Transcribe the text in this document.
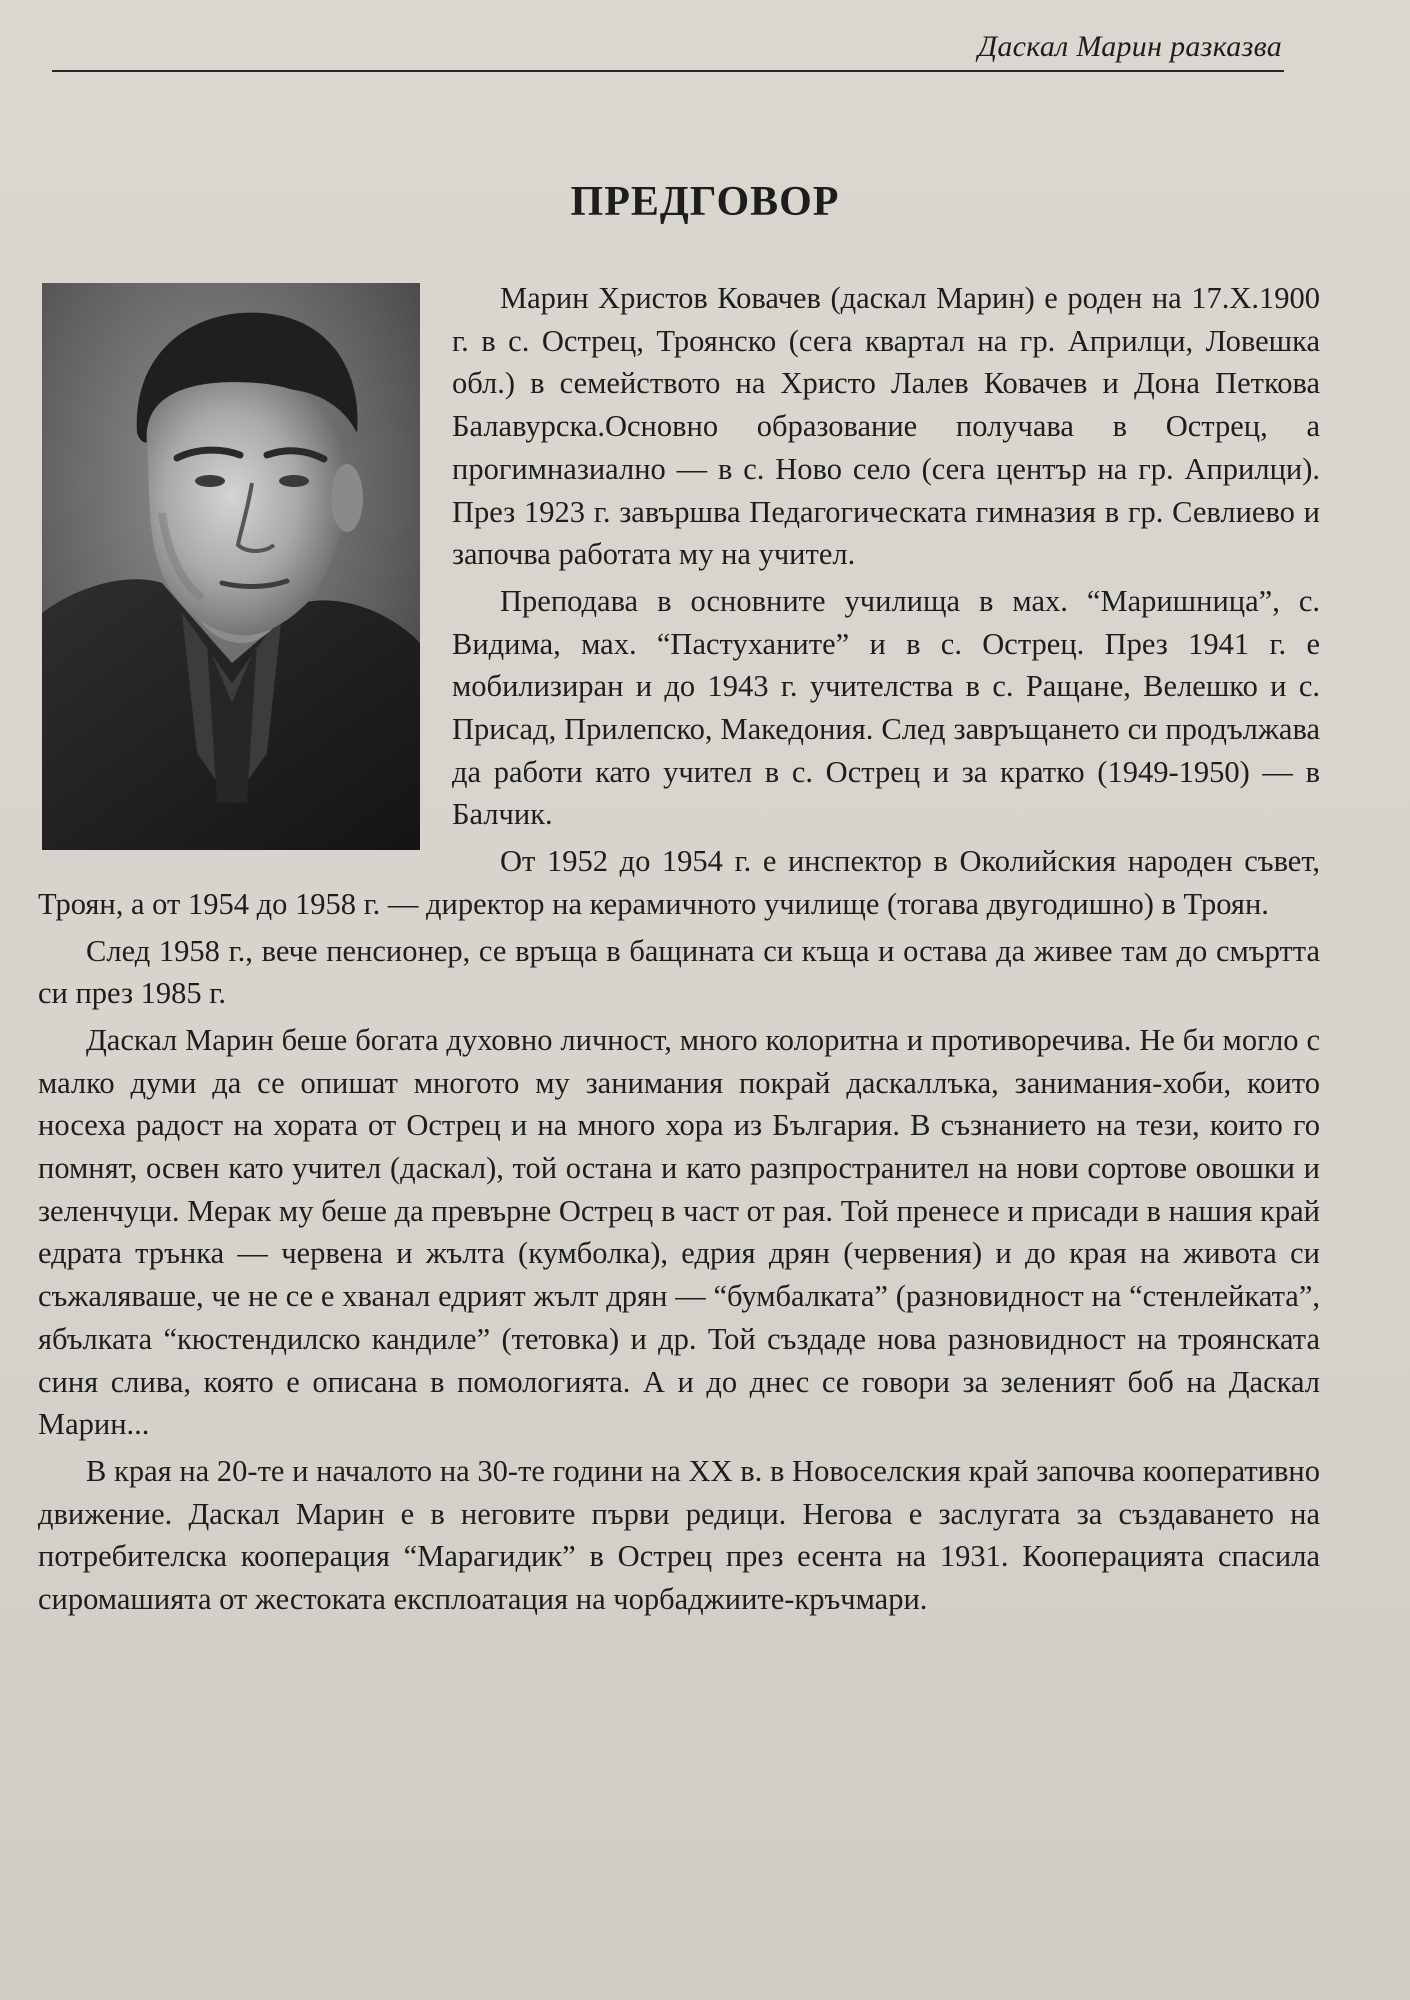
Даскал Марин разказва
ПРЕДГОВОР

Марин Христов Ковачев (даскал Марин) е роден на 17.X.1900 г. в с. Острец, Троянско (сега квартал на гр. Априлци, Ловешка обл.) в семейството на Христо Лалев Ковачев и Дона Петкова Балавурска.Основно образование получава в Острец, а прогимназиално — в с. Ново село (сега център на гр. Априлци). През 1923 г. завършва Педагогическата гимназия в гр. Севлиево и започва работата му на учител.

Преподава в основните училища в мах. “Маришница”, с. Видима, мах. “Пастуханите” и в с. Острец. През 1941 г. е мобилизиран и до 1943 г. учителства в с. Ращане, Велешко и с. Присад, Прилепско, Македония. След завръщането си продължава да работи като учител в с. Острец и за кратко (1949-1950) — в Балчик.

От 1952 до 1954 г. е инспектор в Околийския народен съвет, Троян, а от 1954 до 1958 г. — директор на керамичното училище (тогава двугодишно) в Троян.

След 1958 г., вече пенсионер, се връща в бащината си къща и остава да живее там до смъртта си през 1985 г.

Даскал Марин беше богата духовно личност, много колоритна и противоречива. Не би могло с малко думи да се опишат многото му занимания покрай даскаллъка, занимания-хоби, които носеха радост на хората от Острец и на много хора из България. В съзнанието на тези, които го помнят, освен като учител (даскал), той остана и като разпространител на нови сортове овошки и зеленчуци. Мерак му беше да превърне Острец в част от рая. Той пренесе и присади в нашия край едрата трънка — червена и жълта (кумболка), едрия дрян (червения) и до края на живота си съжаляваше, че не се е хванал едрият жълт дрян — “бумбалката” (разновидност на “стенлейката”, ябълката “кюстендилско кандиле” (тетовка) и др. Той създаде нова разновидност на троянската синя слива, която е описана в помологията. А и до днес се говори за зеленият боб на Даскал Марин...

В края на 20-те и началото на 30-те години на XX в. в Новоселския край започва кооперативно движение. Даскал Марин е в неговите първи редици. Негова е заслугата за създаването на потребителска кооперация “Марагидик” в Острец през есента на 1931. Кооперацията спасила сиромашията от жестоката експлоатация на чорбаджиите-кръчмари.
